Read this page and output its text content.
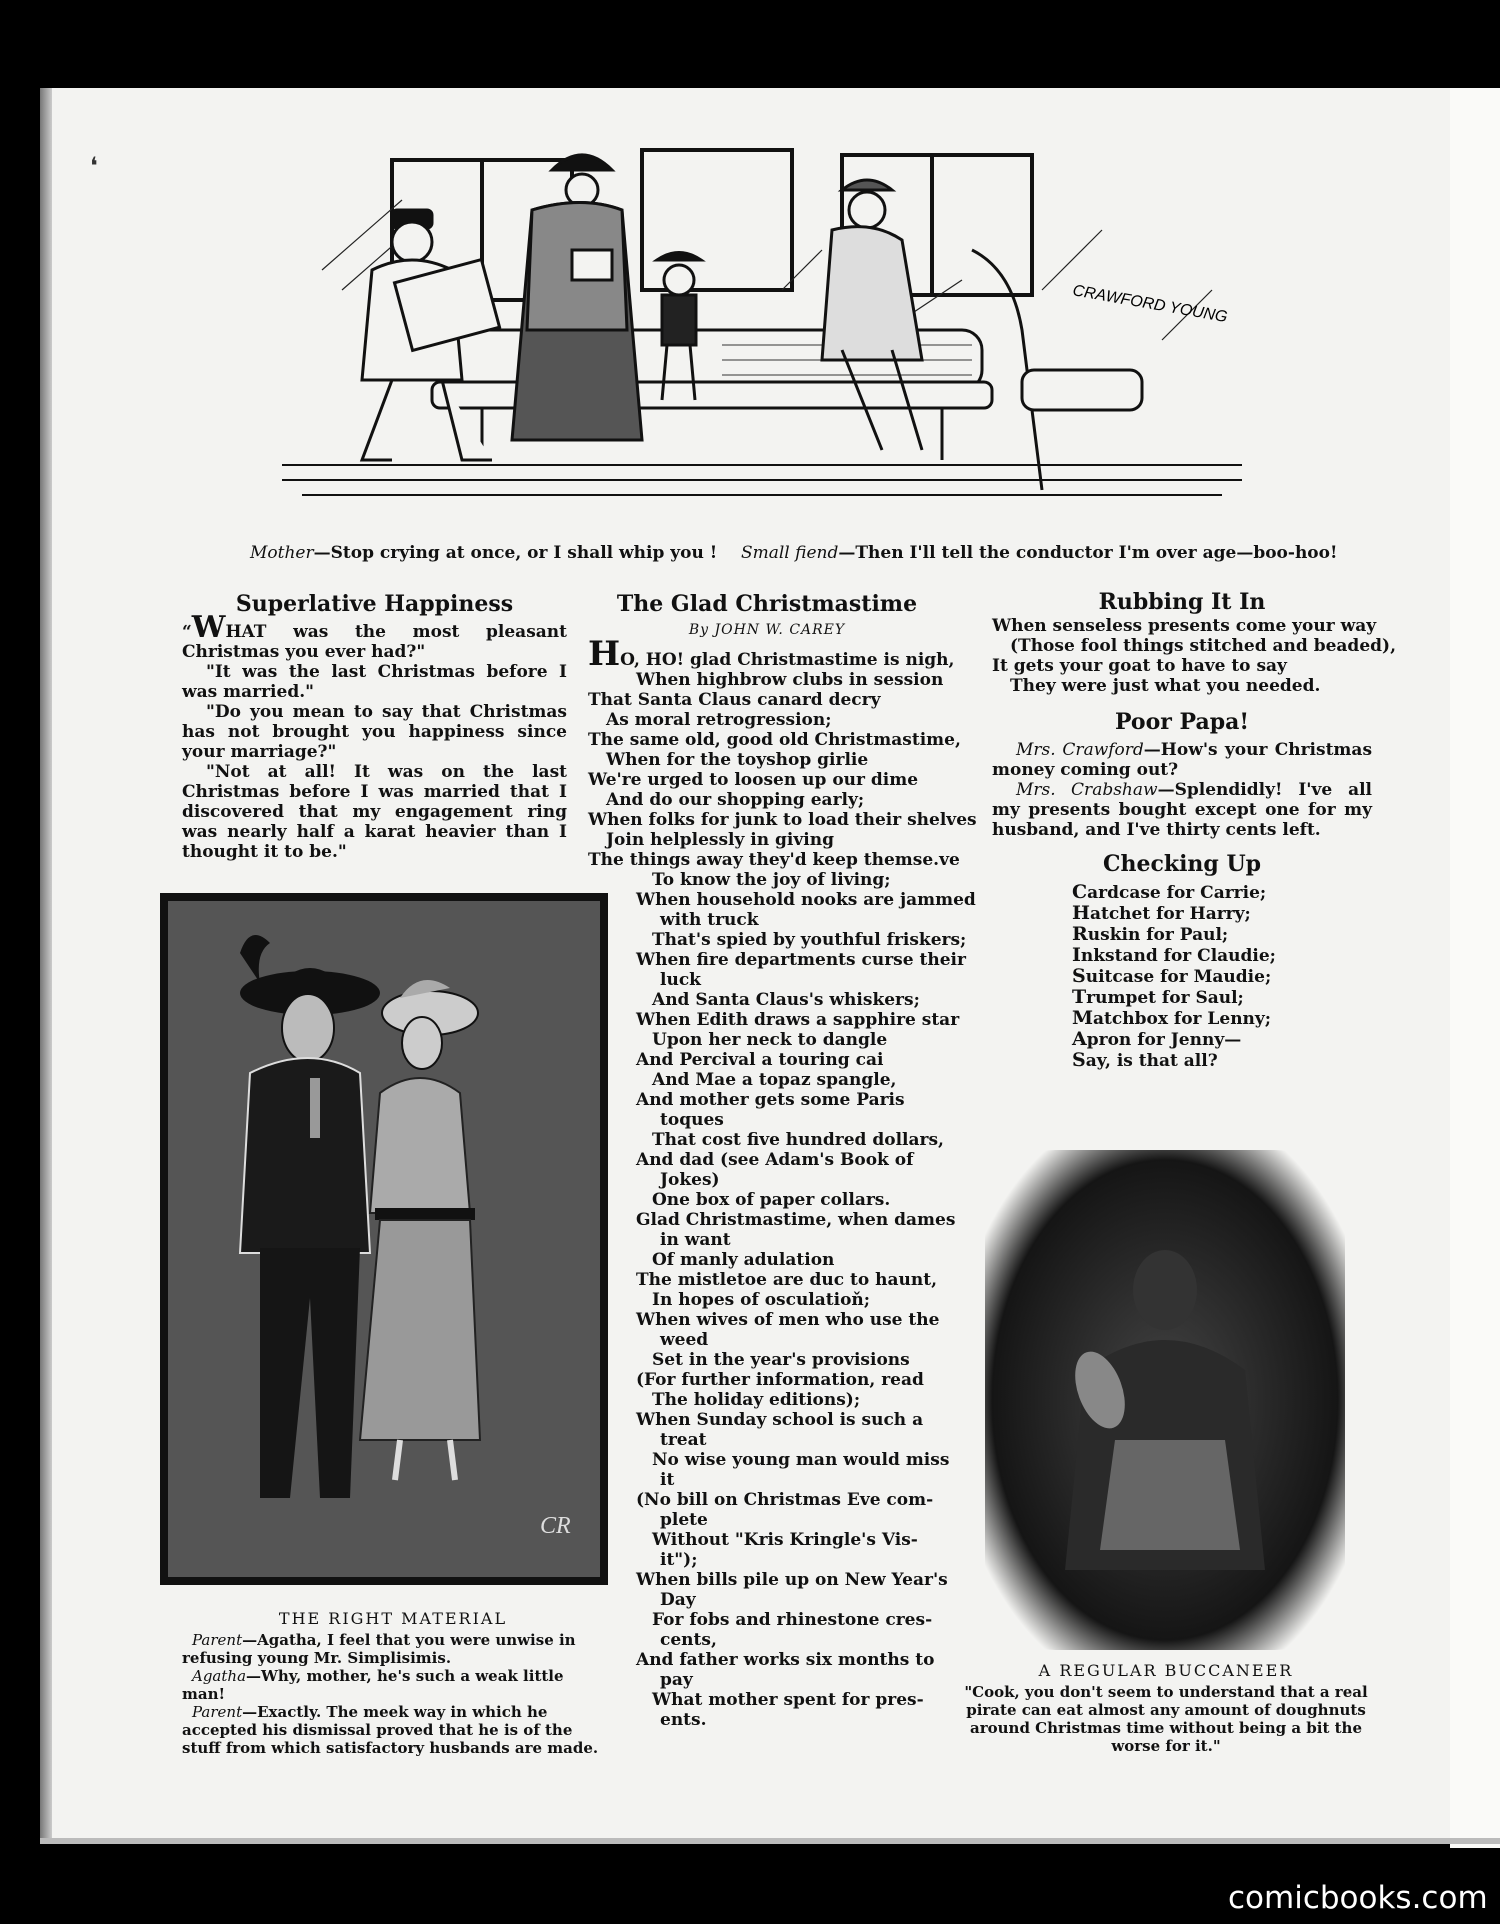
❛
CRAWFORD YOUNG
Mother—Stop crying at once, or I shall whip you ! Small fiend—Then I'll tell the conductor I'm over age—boo-hoo!
Superlative Happiness

“WHAT was the most pleasant Christmas you ever had?"

"It was the last Christmas before I was married."

"Do you mean to say that Christmas has not brought you happiness since your marriage?"

"Not at all! It was on the last Christmas before I was married that I discovered that my engagement ring was nearly half a karat heavier than I thought it to be."

CR
THE RIGHT MATERIAL

Parent—Agatha, I feel that you were unwise in refusing young Mr. Simplisimis.

Agatha—Why, mother, he's such a weak little man!

Parent—Exactly. The meek way in which he accepted his dismissal proved that he is of the stuff from which satisfactory husbands are made.

The Glad Christmastime
By JOHN W. CAREY

HO, HO! glad Christmastime is nigh,

When highbrow clubs in session

That Santa Claus canard decry

As moral retrogression;

The same old, good old Christmastime,

When for the toyshop girlie

We're urged to loosen up our dime

And do our shopping early;

When folks for junk to load their shelves

Join helplessly in giving

The things away they'd keep themse.ve

To know the joy of living;

When household nooks are jammed

with truck

That's spied by youthful friskers;

When fire departments curse their

luck

And Santa Claus's whiskers;

When Edith draws a sapphire star

Upon her neck to dangle

And Percival a touring cai

And Mae a topaz spangle,

And mother gets some Paris

toques

That cost five hundred dollars,

And dad (see Adam's Book of

Jokes)

One box of paper collars.

Glad Christmastime, when dames

in want

Of manly adulation

The mistletoe are duc to haunt,

In hopes of osculatioň;

When wives of men who use the

weed

Set in the year's provisions

(For further information, read

The holiday editions);

When Sunday school is such a

treat

No wise young man would miss

it

(No bill on Christmas Eve com-

plete

Without "Kris Kringle's Vis-

it");

When bills pile up on New Year's

Day

For fobs and rhinestone cres-

cents,

And father works six months to

pay

What mother spent for pres-

ents.

Rubbing It In

When senseless presents come your way

(Those fool things stitched and beaded),

It gets your goat to have to say

They were just what you needed.

Poor Papa!

Mrs. Crawford—How's your Christmas money coming out?

Mrs. Crabshaw—Splendidly! I've all my presents bought except one for my husband, and I've thirty cents left.

Checking Up

Cardcase for Carrie;

Hatchet for Harry;

Ruskin for Paul;

Inkstand for Claudie;

Suitcase for Maudie;

Trumpet for Saul;

Matchbox for Lenny;

Apron for Jenny—

Say, is that all?

A REGULAR BUCCANEER
"Cook, you don't seem to understand that a real pirate can eat almost any amount of doughnuts around Christmas time without being a bit the worse for it."
comicbooks.com
